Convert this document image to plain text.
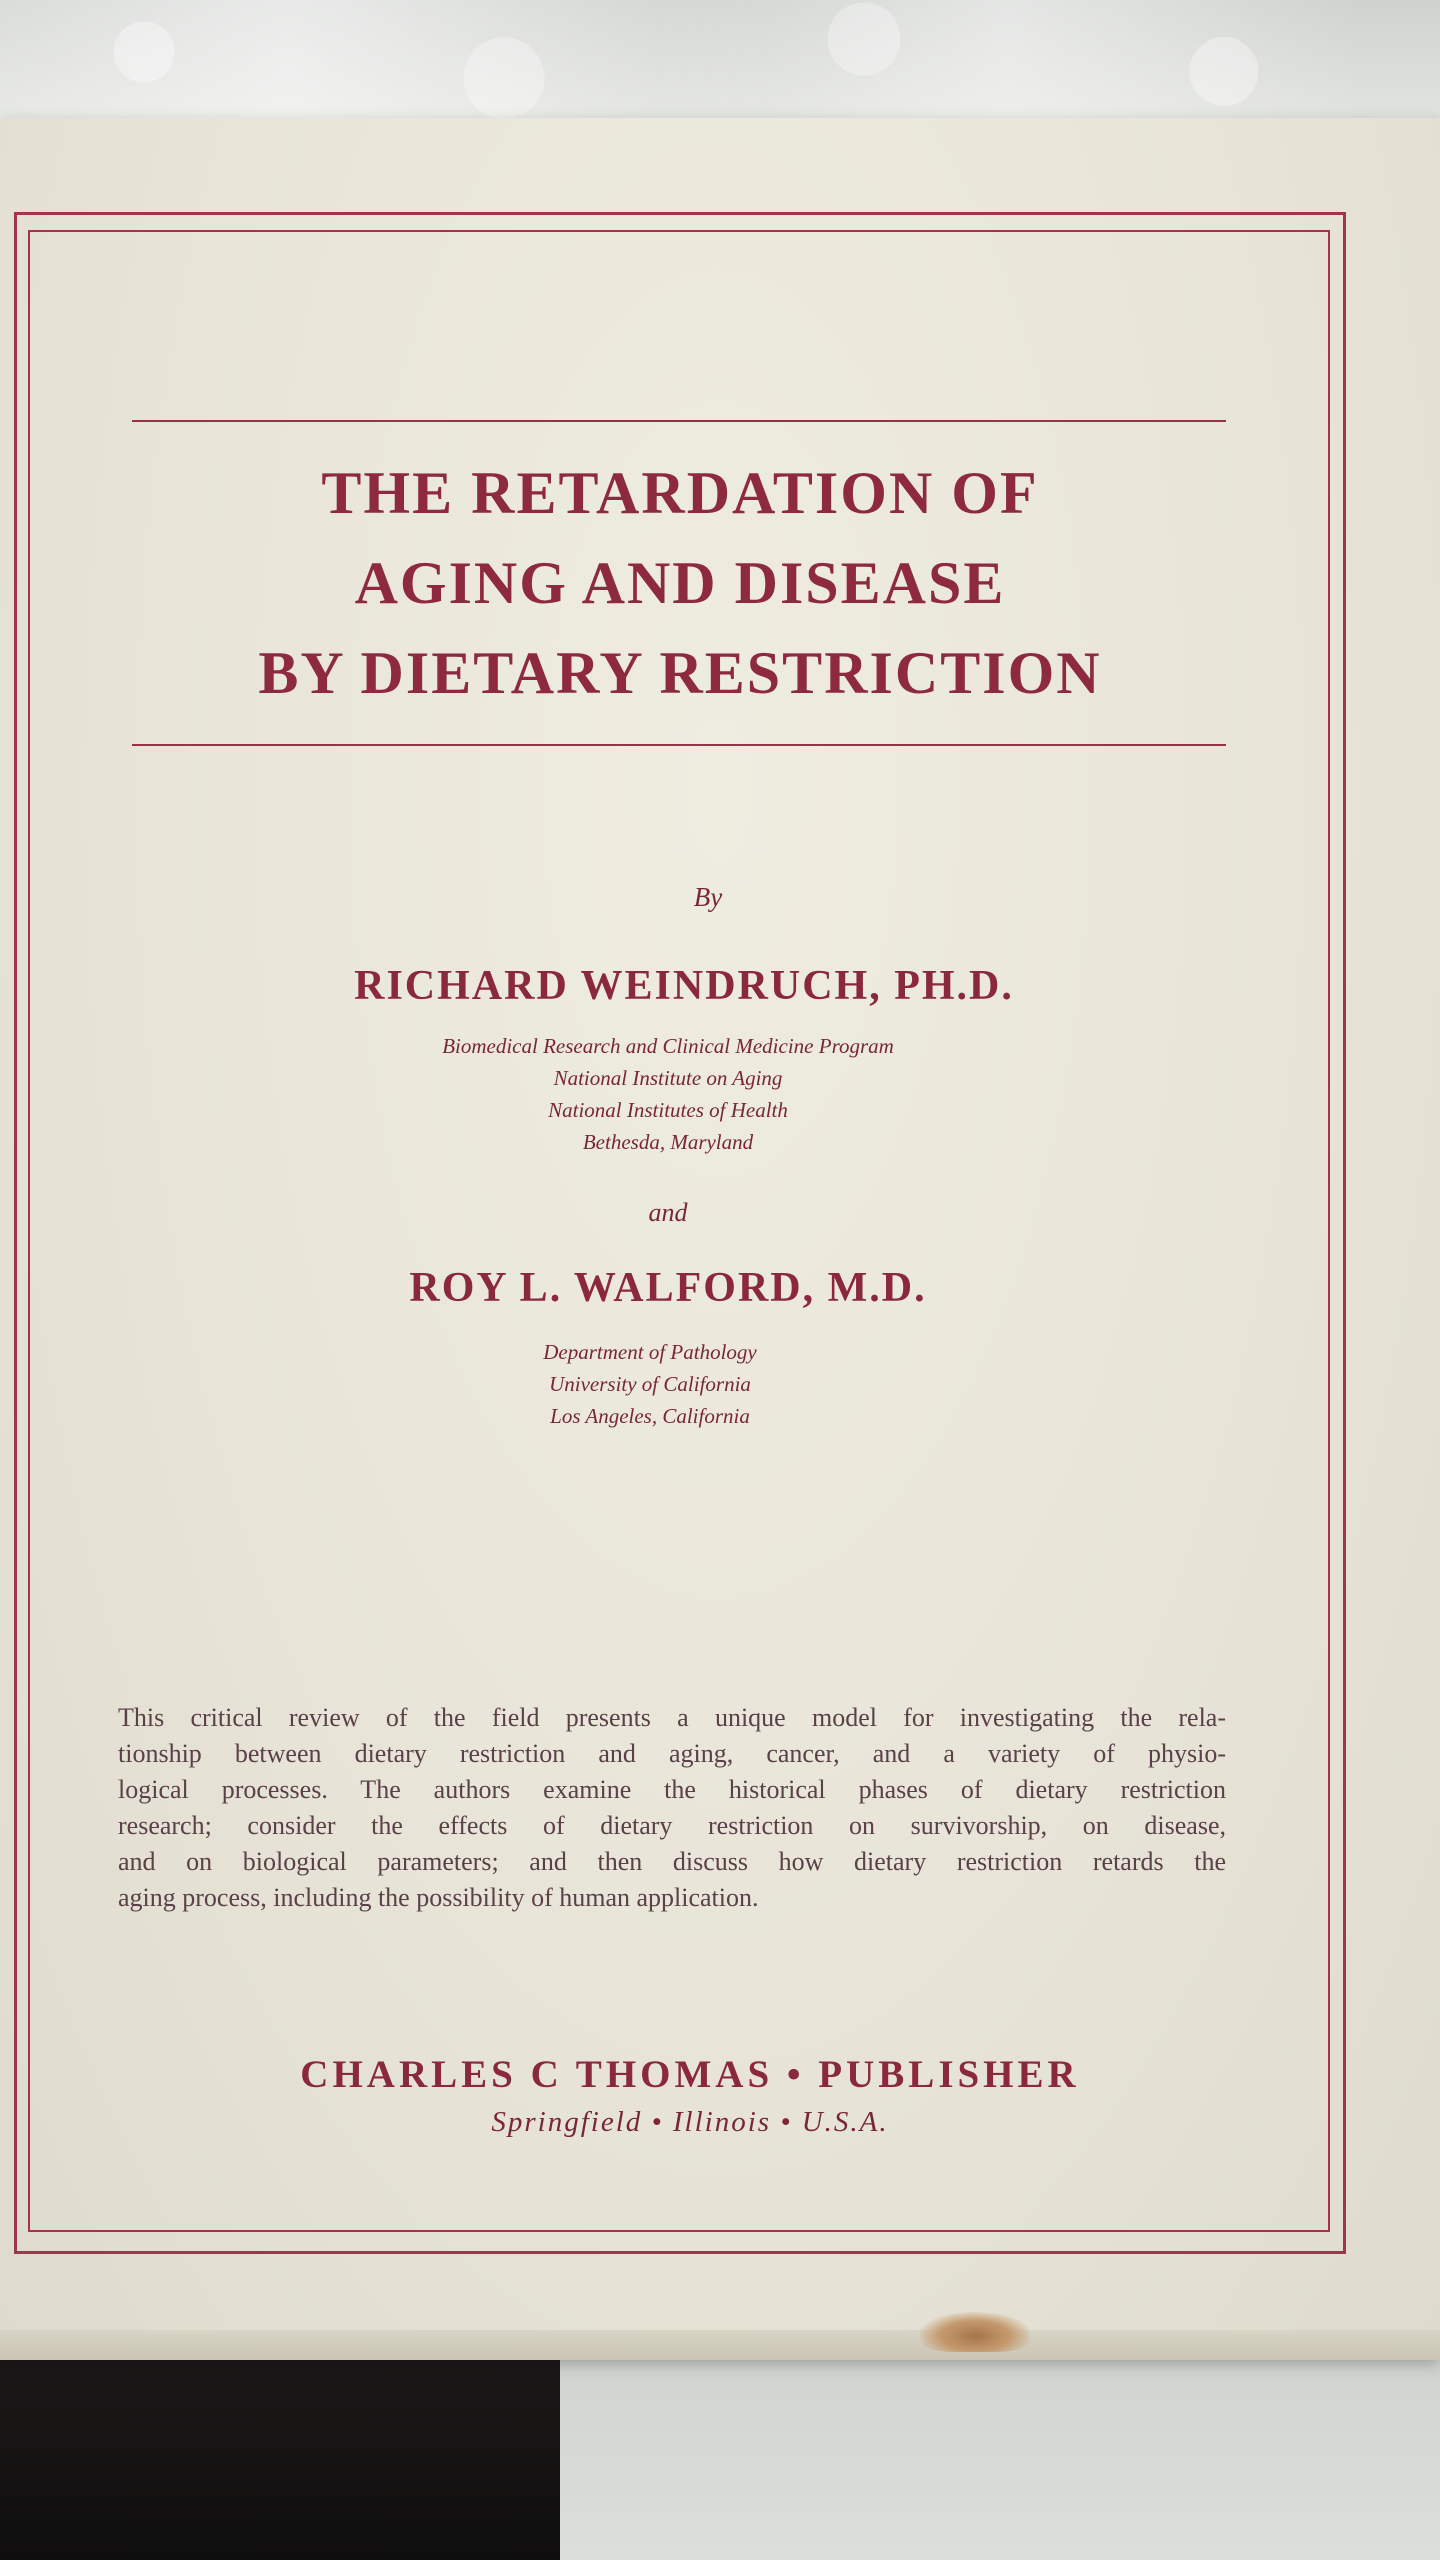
THE RETARDATION OF

AGING AND DISEASE

BY DIETARY RESTRICTION

By

RICHARD WEINDRUCH, PH.D.

Biomedical Research and Clinical Medicine Program

National Institute on Aging

National Institutes of Health

Bethesda, Maryland

and

ROY L. WALFORD, M.D.

Department of Pathology

University of California

Los Angeles, California

This critical review of the field presents a unique model for investigating the rela-
tionship between dietary restriction and aging, cancer, and a variety of physio-
logical processes. The authors examine the historical phases of dietary restriction
research; consider the effects of dietary restriction on survivorship, on disease,
and on biological parameters; and then discuss how dietary restriction retards the
aging process, including the possibility of human application.

CHARLES C THOMAS • PUBLISHER

Springfield • Illinois • U.S.A.
